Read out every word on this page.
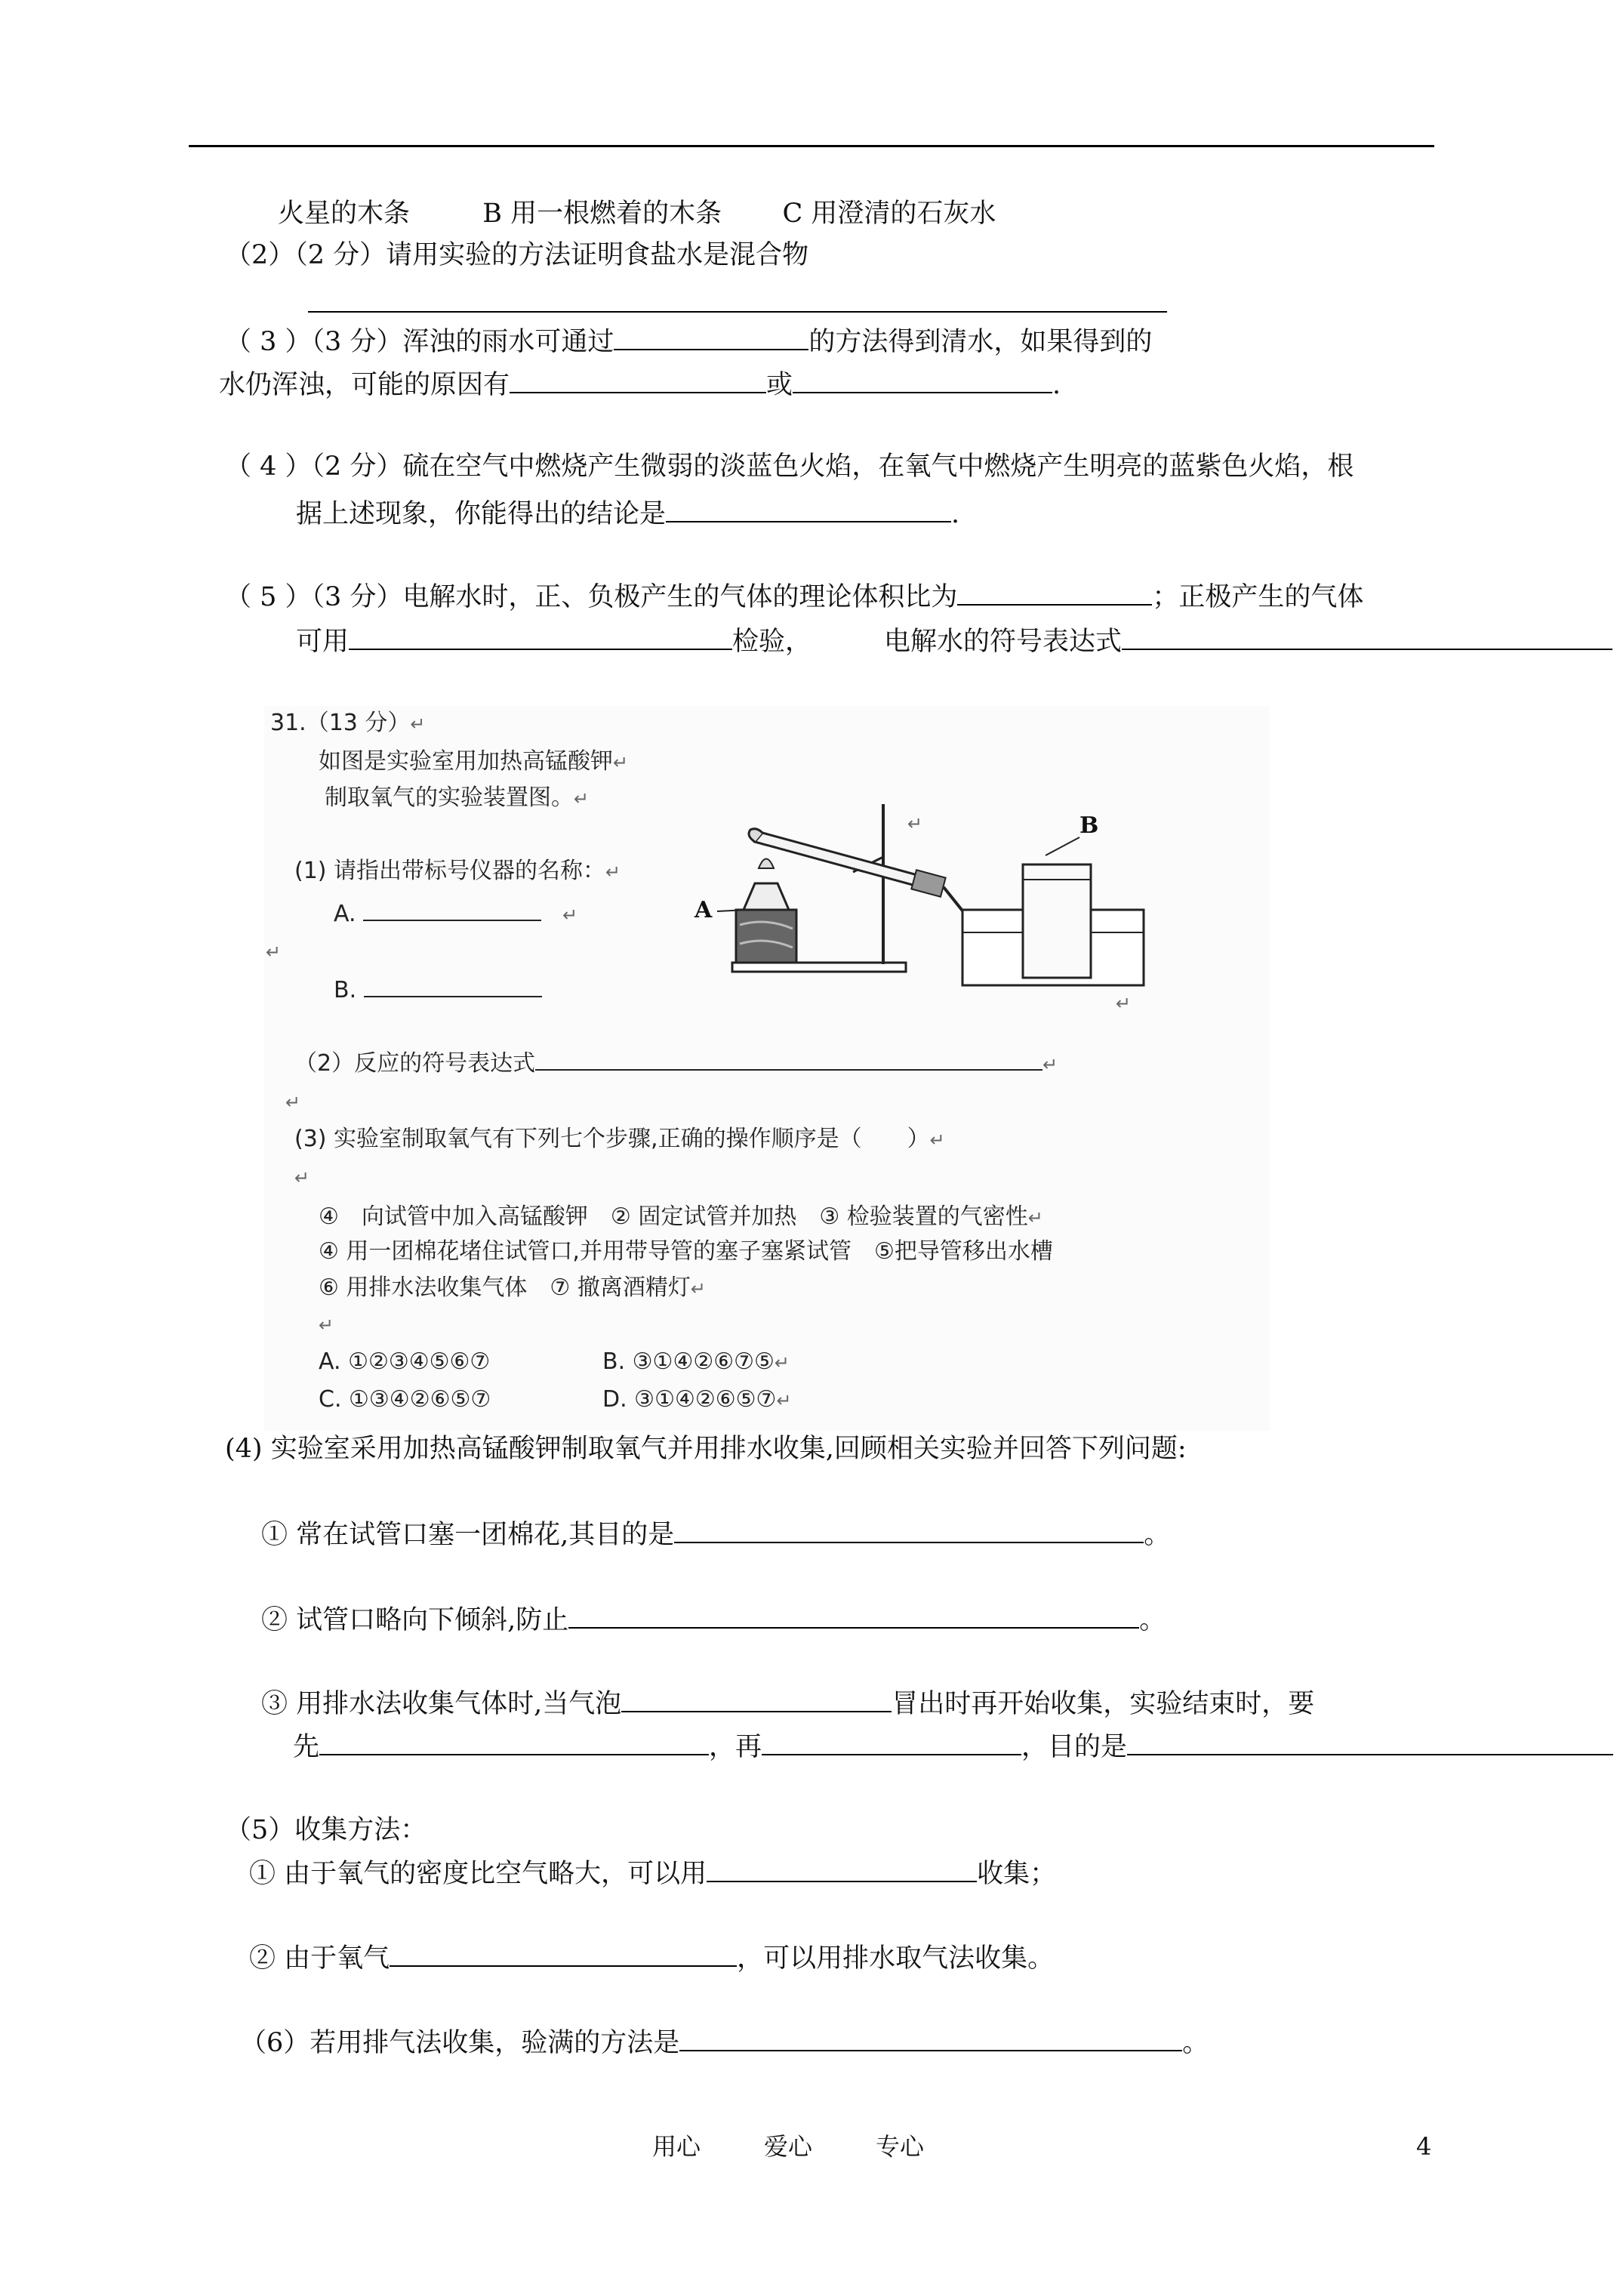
火星的木条	B 用一根燃着的木条 C 用澄清的石灰水
（2）（2 分）请用实验的方法证明食盐水是混合物
（ 3 ）（3 分）浑浊的雨水可通过	的方法得到清水，如果得到的
水仍浑浊，可能的原因有	或	.
（ 4 ）（2 分）硫在空气中燃烧产生微弱的淡蓝色火焰，在氧气中燃烧产生明亮的蓝紫色火焰，根
据上述现象，你能得出的结论是	.
（ 5 ）（3 分）电解水时，正、负极产生的气体的理论体积比为	；正极产生的气体
可用	检验，	电解水的符号表达式
31.（13 分）↵
如图是实验室用加热高锰酸钾↵
制取氧气的实验装置图。↵
(1) 请指出带标号仪器的名称：↵
A.	↵
↵
B.	↵
B
A
↵
（2）反应的符号表达式	↵
↵
(3) 实验室制取氧气有下列七个步骤,正确的操作顺序是（　　）↵
↵
④　向试管中加入高锰酸钾　② 固定试管并加热　③ 检验装置的气密性↵
④ 用一团棉花堵住试管口,并用带导管的塞子塞紧试管　⑤把导管移出水槽
⑥ 用排水法收集气体　⑦ 撤离酒精灯↵
↵
A. ①②③④⑤⑥⑦	B. ③①④②⑥⑦⑤↵
C. ①③④②⑥⑤⑦	D. ③①④②⑥⑤⑦↵
(4) 实验室采用加热高锰酸钾制取氧气并用排水收集,回顾相关实验并回答下列问题:
① 常在试管口塞一团棉花,其目的是	。
② 试管口略向下倾斜,防止	。
③ 用排水法收集气体时,当气泡	冒出时再开始收集，实验结束时，要
先	，再	，目的是
（5）收集方法：
① 由于氧气的密度比空气略大，可以用	收集；
② 由于氧气	，可以用排水取气法收集。
（6）若用排气法收集，验满的方法是	。
用心	爱心	专心	4
